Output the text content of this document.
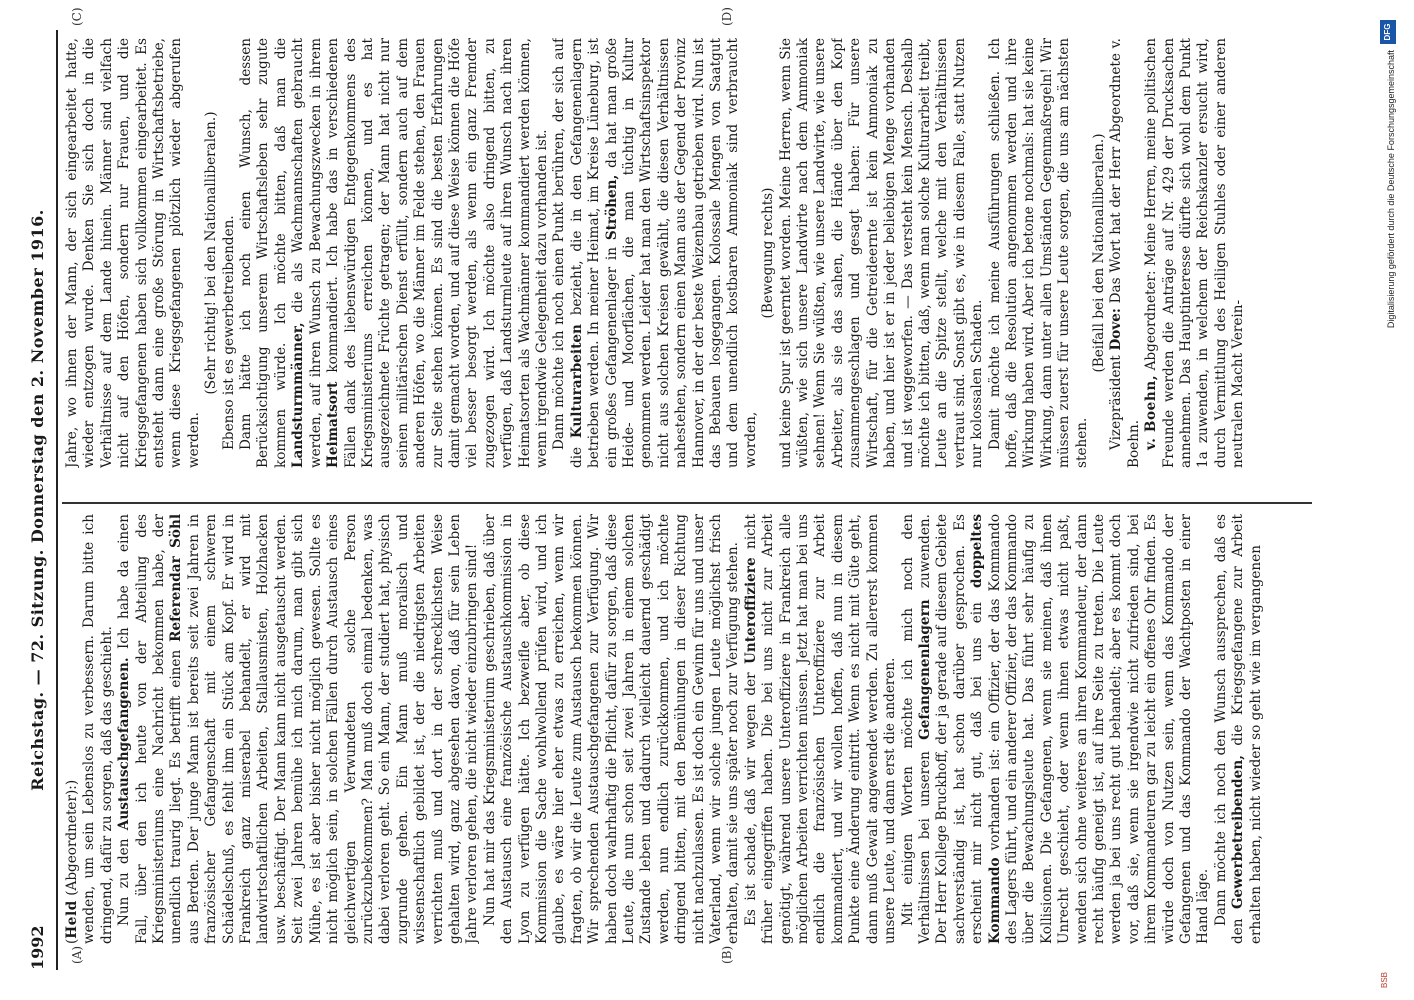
1992
Reichstag. — 72. Sitzung. Donnerstag den 2. November 1916.
(A)	(B)
(C)	(D)

(Held (Abgeordneter):) wenden, um sein Lebenslos zu verbessern. Darum bitte ich dringend, dafür zu sorgen, daß das geschieht. Nun zu den Austauschgefangenen. Ich habe da einen Fall, über den ich heute von der Abteilung des Kriegsministeriums eine Nachricht bekommen habe, der unendlich traurig liegt. Es betrifft einen Referendar Söhl aus Berden. Der junge Mann ist bereits seit zwei Jahren in französischer Gefangenschaft mit einem schweren Schädelschuß, es fehlt ihm ein Stück am Kopf. Er wird in Frankreich ganz miserabel behandelt, er wird mit landwirtschaftlichen Arbeiten, Stallausmisten, Holzhacken usw. beschäftigt. Der Mann kann nicht ausgetauscht werden. Seit zwei Jahren bemühe ich mich darum, man gibt sich Mühe, es ist aber bisher nicht möglich gewesen. Sollte es nicht möglich sein, in solchen Fällen durch Austausch eines gleichwertigen Verwundeten solche Person zurückzubekommen? Man muß doch einmal bedenken, was dabei verloren geht. So ein Mann, der studiert hat, physisch zugrunde gehen. Ein Mann muß moralisch und wissenschaftlich gebildet ist, der die niedrigsten Arbeiten verrichten muß und dort in der schrecklichsten Weise gehalten wird, ganz abgesehen davon, daß für sein Leben Jahre verloren gehen, die nicht wieder einzubringen sind! Nun hat mir das Kriegsministerium geschrieben, daß über den Austausch eine französische Austauschkommission in Lyon zu verfügen hätte. Ich bezweifle aber, ob diese Kommission die Sache wohlwollend prüfen wird, und ich glaube, es wäre hier eher etwas zu erreichen, wenn wir fragten, ob wir die Leute zum Austausch bekommen können. Wir sprechenden Austauschgefangenen zur Verfügung. Wir haben doch wahrhaftig die Pflicht, dafür zu sorgen, daß diese Leute, die nun schon seit zwei Jahren in einem solchen Zustande leben und dadurch vielleicht dauernd geschädigt werden, nun endlich zurückkommen, und ich möchte dringend bitten, mit den Bemühungen in dieser Richtung nicht nachzulassen. Es ist doch ein Gewinn für uns und unser Vaterland, wenn wir solche jungen Leute möglichst frisch erhalten, damit sie uns später noch zur Verfügung stehen. Es ist schade, daß wir wegen der Unteroffiziere nicht früher eingegriffen haben. Die bei uns nicht zur Arbeit genötigt, während unsere Unteroffiziere in Frankreich alle möglichen Arbeiten verrichten müssen. Jetzt hat man bei uns endlich die französischen Unteroffiziere zur Arbeit kommandiert, und wir wollen hoffen, daß nun in diesem Punkte eine Änderung eintritt. Wenn es nicht mit Güte geht, dann muß Gewalt angewendet werden. Zu allererst kommen unsere Leute, und dann erst die anderen. Mit einigen Worten möchte ich mich noch den Verhältnissen bei unseren Gefangenenlagern zuwenden. Der Herr Kollege Bruckhoff, der ja gerade auf diesem Gebiete sachverständig ist, hat schon darüber gesprochen. Es erscheint mir nicht gut, daß bei uns ein doppeltes Kommando vorhanden ist: ein Offizier, der das Kommando des Lagers führt, und ein anderer Offizier, der das Kommando über die Bewachungsleute hat. Das führt sehr häufig zu Kollisionen. Die Gefangenen, wenn sie meinen, daß ihnen Unrecht geschieht, oder wenn ihnen etwas nicht paßt, wenden sich ohne weiteres an ihren Kommandeur, der dann recht häufig geneigt ist, auf ihre Seite zu treten. Die Leute werden ja bei uns recht gut behandelt; aber es kommt doch vor, daß sie, wenn sie irgendwie nicht zufrieden sind, bei ihrem Kommandeuren gar zu leicht ein offenes Ohr finden. Es würde doch von Nutzen sein, wenn das Kommando der Gefangenen und das Kommando der Wachtposten in einer Hand läge. Dann möchte ich noch den Wunsch aussprechen, daß es den Gewerbetreibenden, die Kriegsgefangene zur Arbeit erhalten haben, nicht wieder so geht wie im vergangenen

Jahre, wo ihnen der Mann, der sich eingearbeitet hatte, wieder entzogen wurde. Denken Sie sich doch in die Verhältnisse auf dem Lande hinein. Männer sind vielfach nicht auf den Höfen, sondern nur Frauen, und die Kriegsgefangenen haben sich vollkommen eingearbeitet. Es entsteht dann eine große Störung in Wirtschaftsbetriebe, wenn diese Kriegsgefangenen plötzlich wieder abgerufen werden.

(Sehr richtig! bei den Nationalliberalen.) Ebenso ist es gewerbetreibenden. Dann hätte ich noch einen Wunsch, dessen Berücksichtigung unserem Wirtschaftsleben sehr zugute kommen würde. Ich möchte bitten, daß man die Landsturmmänner, die als Wachmannschaften gebraucht werden, auf ihren Wunsch zu Bewachungszwecken in ihrem Heimatsort kommandiert. Ich habe das in verschiedenen Fällen dank des liebenswürdigen Entgegenkommens des Kriegsministeriums erreichen können, und es hat ausgezeichnete Früchte getragen; der Mann hat nicht nur seinen militärischen Dienst erfüllt, sondern auch auf dem anderen Höfen, wo die Männer im Felde stehen, den Frauen zur Seite stehen können. Es sind die besten Erfahrungen damit gemacht worden, und auf diese Weise können die Höfe viel besser besorgt werden, als wenn ein ganz Fremder zugezogen wird. Ich möchte also dringend bitten, zu verfügen, daß Landsturmleute auf ihren Wunsch nach ihren Heimatsorten als Wachmänner kommandiert werden können, wenn irgendwie Gelegenheit dazu vorhanden ist. Dann möchte ich noch einen Punkt berühren, der sich auf die Kulturarbeiten bezieht, die in den Gefangenenlagern betrieben werden. In meiner Heimat, im Kreise Lüneburg, ist ein großes Gefangenenlager in Ströhen, da hat man große Heide- und Moorflächen, die man tüchtig in Kultur genommen werden. Leider hat man den Wirtschaftsinspektor nicht aus solchen Kreisen gewählt, die diesen Verhältnissen nahestehen, sondern einen Mann aus der Gegend der Provinz Hannover, in der der beste Weizenbau getrieben wird. Nun ist das Bebauen losgegangen. Kolossale Mengen von Saatgut und dem unendlich kostbaren Ammoniak sind verbraucht worden,

(Bewegung rechts) und keine Spur ist geerntet worden. Meine Herren, wenn Sie wüßten, wie sich unsere Landwirte nach dem Ammoniak sehnen! Wenn Sie wüßten, wie unsere Landwirte, wie unsere Arbeiter, als sie das sahen, die Hände über den Kopf zusammengeschlagen und gesagt haben: Für unsere Wirtschaft, für die Getreideernte ist kein Ammoniak zu haben, und hier ist er in jeder beliebigen Menge vorhanden und ist weggeworfen. — Das versteht kein Mensch. Deshalb möchte ich bitten, daß, wenn man solche Kulturarbeit treibt, Leute an die Spitze stellt, welche mit den Verhältnissen vertraut sind. Sonst gibt es, wie in diesem Falle, statt Nutzen nur kolossalen Schaden. Damit möchte ich meine Ausführungen schließen. Ich hoffe, daß die Resolution angenommen werden und ihre Wirkung haben wird. Aber ich betone nochmals: hat sie keine Wirkung, dann unter allen Umständen Gegenmaßregeln! Wir müssen zuerst für unsere Leute sorgen, die uns am nächsten stehen.

(Beifall bei den Nationalliberalen.)

Vizepräsident Dove: Das Wort hat der Herr Abgeordnete v. Boehn. v. Boehn, Abgeordneter: Meine Herren, meine politischen Freunde werden die Anträge auf Nr. 429 der Drucksachen annehmen. Das Hauptinteresse dürfte sich wohl dem Punkt 1a zuwenden, in welchem der Reichskanzler ersucht wird, durch Vermittlung des Heiligen Stuhles oder einer anderen neutralen Macht Verein-

Digitalisierung gefördert durch die Deutsche Forschungsgemeinschaft
DFG
BSB
